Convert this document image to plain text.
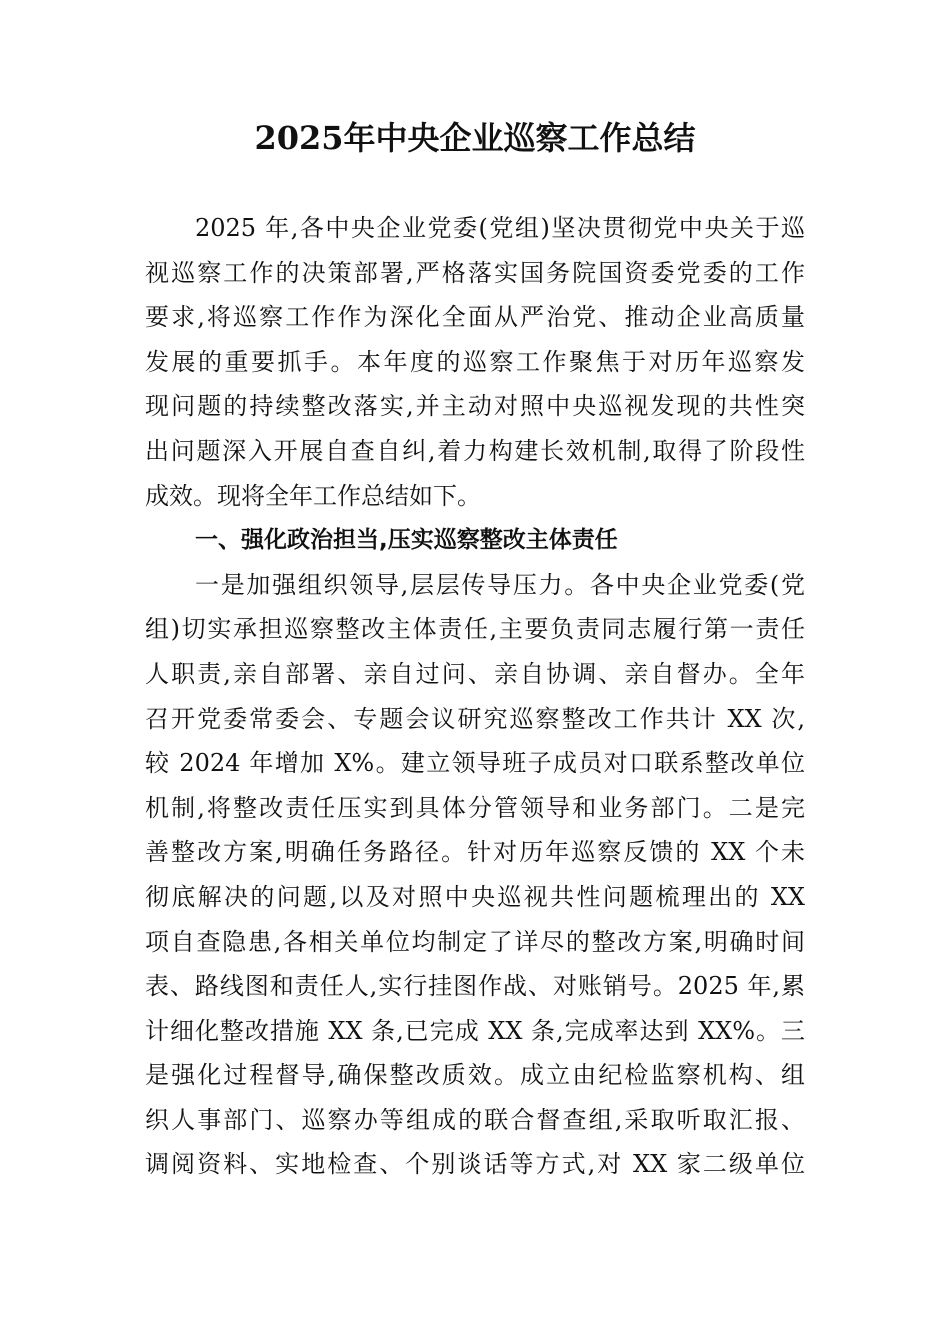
2025年中央企业巡察工作总结
2025 年,各中央企业党委(党组)坚决贯彻党中央关于巡
视巡察工作的决策部署,严格落实国务院国资委党委的工作
要求,将巡察工作作为深化全面从严治党、推动企业高质量
发展的重要抓手。本年度的巡察工作聚焦于对历年巡察发
现问题的持续整改落实,并主动对照中央巡视发现的共性突
出问题深入开展自查自纠,着力构建长效机制,取得了阶段性
成效。现将全年工作总结如下。
一、强化政治担当,压实巡察整改主体责任
一是加强组织领导,层层传导压力。各中央企业党委(党
组)切实承担巡察整改主体责任,主要负责同志履行第一责任
人职责,亲自部署、亲自过问、亲自协调、亲自督办。全年
召开党委常委会、专题会议研究巡察整改工作共计 XX 次,
较 2024 年增加 X%。建立领导班子成员对口联系整改单位
机制,将整改责任压实到具体分管领导和业务部门。二是完
善整改方案,明确任务路径。针对历年巡察反馈的 XX 个未
彻底解决的问题,以及对照中央巡视共性问题梳理出的 XX
项自查隐患,各相关单位均制定了详尽的整改方案,明确时间
表、路线图和责任人,实行挂图作战、对账销号。2025 年,累
计细化整改措施 XX 条,已完成 XX 条,完成率达到 XX%。三
是强化过程督导,确保整改质效。成立由纪检监察机构、组
织人事部门、巡察办等组成的联合督查组,采取听取汇报、
调阅资料、实地检查、个别谈话等方式,对 XX 家二级单位
